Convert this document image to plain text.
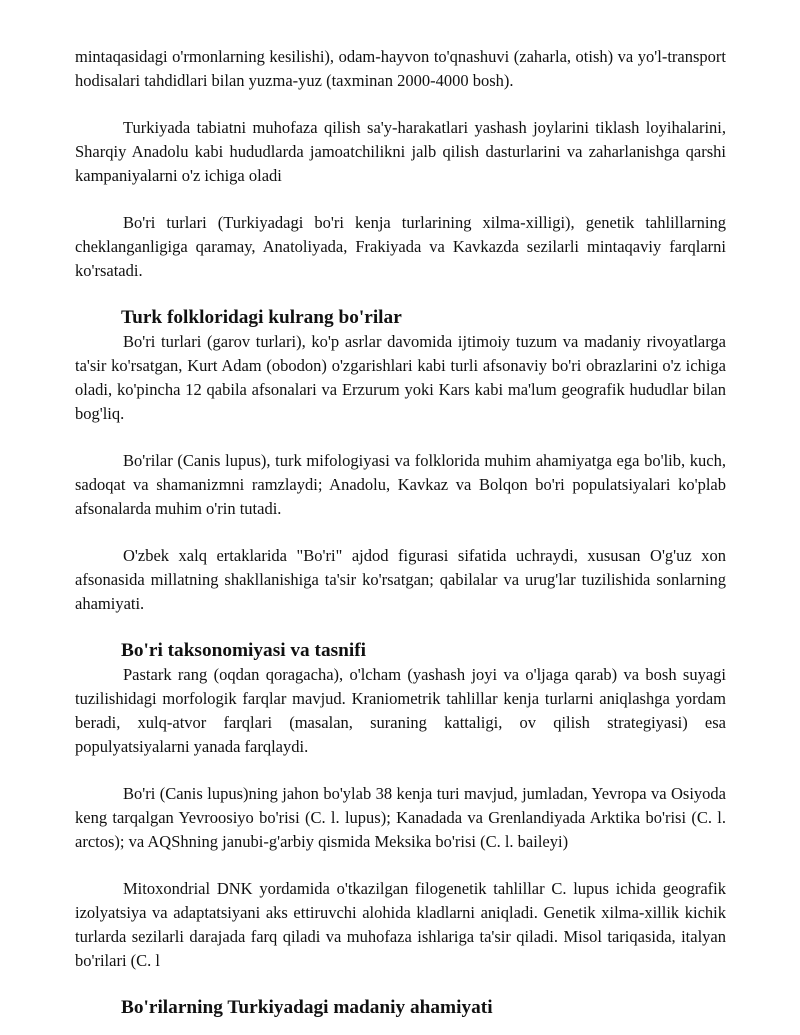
mintaqasidagi o'rmonlarning kesilishi), odam-hayvon to'qnashuvi (zaharla, otish) va yo'l-transport hodisalari tahdidlari bilan yuzma-yuz (taxminan 2000-4000 bosh).

Turkiyada tabiatni muhofaza qilish sa'y-harakatlari yashash joylarini tiklash loyihalarini, Sharqiy Anadolu kabi hududlarda jamoatchilikni jalb qilish dasturlarini va zaharlanishga qarshi kampaniyalarni o'z ichiga oladi

Bo'ri turlari (Turkiyadagi bo'ri kenja turlarining xilma-xilligi), genetik tahlillarning cheklanganligiga qaramay, Anatoliyada, Frakiyada va Kavkazda sezilarli mintaqaviy farqlarni ko'rsatadi.

Turk folkloridagi kulrang bo'rilar

Bo'ri turlari (garov turlari), ko'p asrlar davomida ijtimoiy tuzum va madaniy rivoyatlarga ta'sir ko'rsatgan, Kurt Adam (obodon) o'zgarishlari kabi turli afsonaviy bo'ri obrazlarini o'z ichiga oladi, ko'pincha 12 qabila afsonalari va Erzurum yoki Kars kabi ma'lum geografik hududlar bilan bog'liq.

Bo'rilar (Canis lupus), turk mifologiyasi va folklorida muhim ahamiyatga ega bo'lib, kuch, sadoqat va shamanizmni ramzlaydi; Anadolu, Kavkaz va Bolqon bo'ri populatsiyalari ko'plab afsonalarda muhim o'rin tutadi.

O'zbek xalq ertaklarida "Bo'ri" ajdod figurasi sifatida uchraydi, xususan O'g'uz xon afsonasida millatning shakllanishiga ta'sir ko'rsatgan; qabilalar va urug'lar tuzilishida sonlarning ahamiyati.

Bo'ri taksonomiyasi va tasnifi

Pastark rang (oqdan qoragacha), o'lcham (yashash joyi va o'ljaga qarab) va bosh suyagi tuzilishidagi morfologik farqlar mavjud. Kraniometrik tahlillar kenja turlarni aniqlashga yordam beradi, xulq-atvor farqlari (masalan, suraning kattaligi, ov qilish strategiyasi) esa populyatsiyalarni yanada farqlaydi.

Bo'ri (Canis lupus)ning jahon bo'ylab 38 kenja turi mavjud, jumladan, Yevropa va Osiyoda keng tarqalgan Yevroosiyo bo'risi (C. l. lupus); Kanadada va Grenlandiyada Arktika bo'risi (C. l. arctos); va AQShning janubi-g'arbiy qismida Meksika bo'risi (C. l. baileyi)

Mitoxondrial DNK yordamida o'tkazilgan filogenetik tahlillar C. lupus ichida geografik izolyatsiya va adaptatsiyani aks ettiruvchi alohida kladlarni aniqladi. Genetik xilma-xillik kichik turlarda sezilarli darajada farq qiladi va muhofaza ishlariga ta'sir qiladi. Misol tariqasida, italyan bo'rilari (C. l

Bo'rilarning Turkiyadagi madaniy ahamiyati
